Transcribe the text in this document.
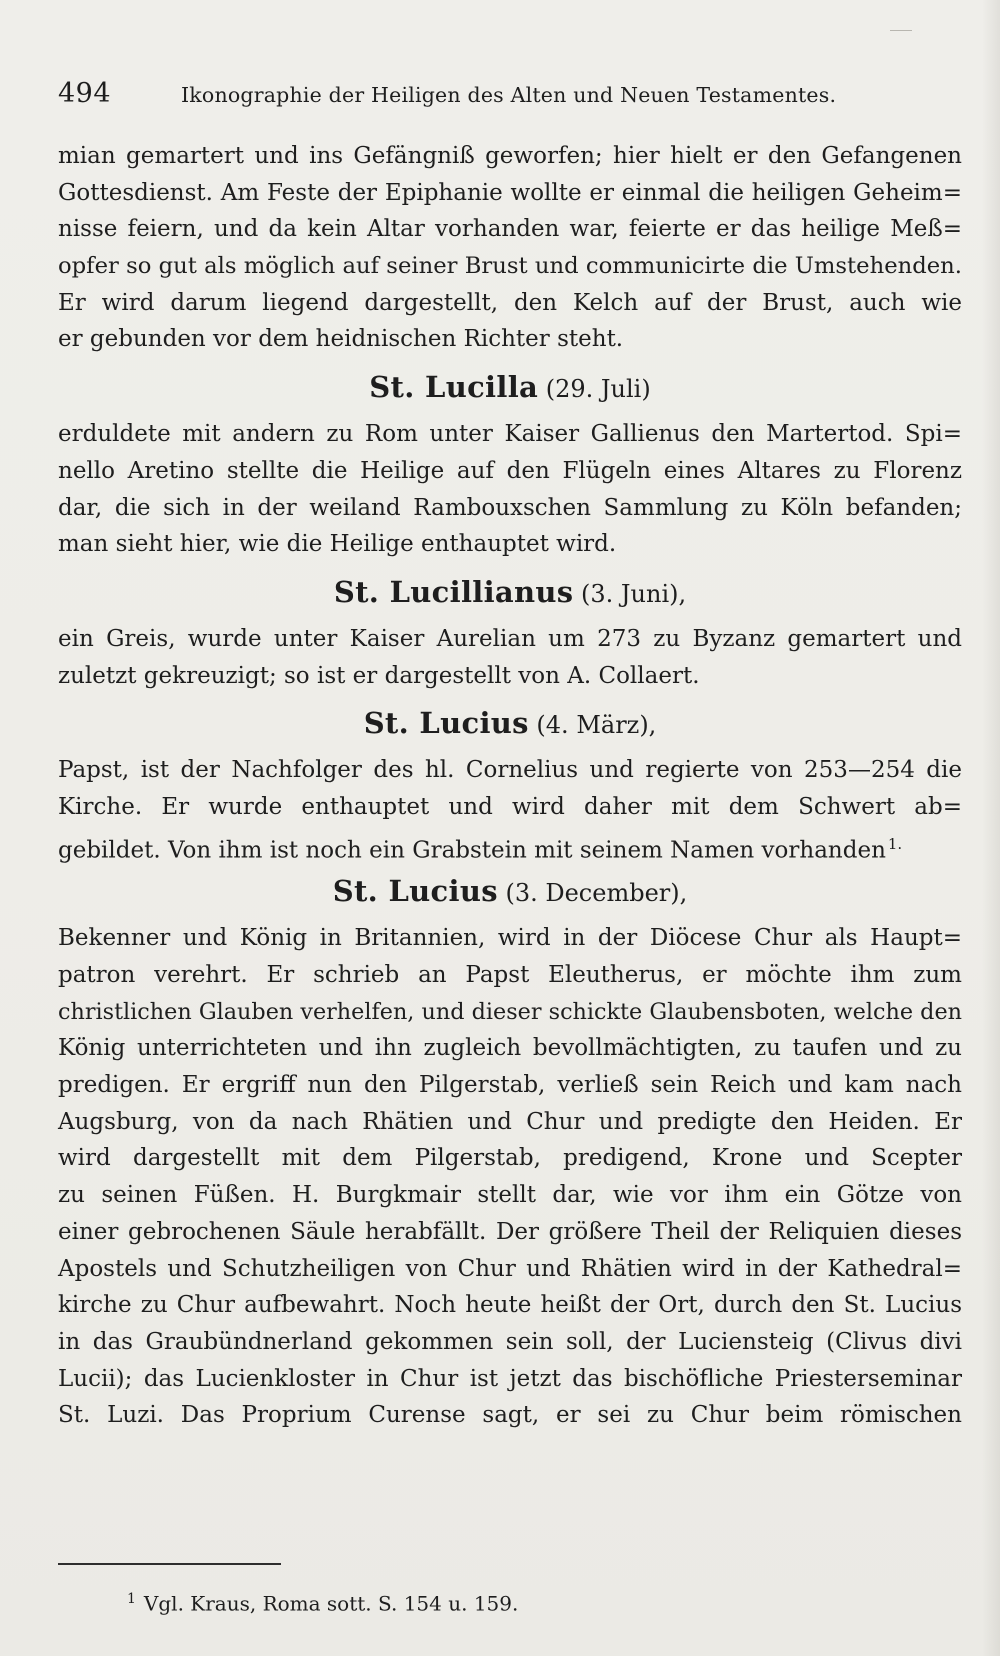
494	Ikonographie der Heiligen des Alten und Neuen Testamentes.
mian gemartert und ins Gefängniß geworfen; hier hielt er den Gefangenen
Gottesdienst. Am Feste der Epiphanie wollte er einmal die heiligen Geheim=
nisse feiern, und da kein Altar vorhanden war, feierte er das heilige Meß=
opfer so gut als möglich auf seiner Brust und communicirte die Umstehenden.
Er wird darum liegend dargestellt, den Kelch auf der Brust, auch wie
er gebunden vor dem heidnischen Richter steht.
St. Lucilla (29. Juli)
erduldete mit andern zu Rom unter Kaiser Gallienus den Martertod. Spi=
nello Aretino stellte die Heilige auf den Flügeln eines Altares zu Florenz
dar, die sich in der weiland Rambouxschen Sammlung zu Köln befanden;
man sieht hier, wie die Heilige enthauptet wird.
St. Lucillianus (3. Juni),
ein Greis, wurde unter Kaiser Aurelian um 273 zu Byzanz gemartert und
zuletzt gekreuzigt; so ist er dargestellt von A. Collaert.
St. Lucius (4. März),
Papst, ist der Nachfolger des hl. Cornelius und regierte von 253—254 die
Kirche. Er wurde enthauptet und wird daher mit dem Schwert ab=
gebildet. Von ihm ist noch ein Grabstein mit seinem Namen vorhanden $^{1.}$
St. Lucius (3. December),
Bekenner und König in Britannien, wird in der Diöcese Chur als Haupt=
patron verehrt. Er schrieb an Papst Eleutherus, er möchte ihm zum
christlichen Glauben verhelfen, und dieser schickte Glaubensboten, welche den
König unterrichteten und ihn zugleich bevollmächtigten, zu taufen und zu
predigen. Er ergriff nun den Pilgerstab, verließ sein Reich und kam nach
Augsburg, von da nach Rhätien und Chur und predigte den Heiden. Er
wird dargestellt mit dem Pilgerstab, predigend, Krone und Scepter
zu seinen Füßen. H. Burgkmair stellt dar, wie vor ihm ein Götze von
einer gebrochenen Säule herabfällt. Der größere Theil der Reliquien dieses
Apostels und Schutzheiligen von Chur und Rhätien wird in der Kathedral=
kirche zu Chur aufbewahrt. Noch heute heißt der Ort, durch den St. Lucius
in das Graubündnerland gekommen sein soll, der Luciensteig (Clivus divi
Lucii); das Lucienkloster in Chur ist jetzt das bischöfliche Priesterseminar
St. Luzi. Das Proprium Curense sagt, er sei zu Chur beim römischen
$^1$ Vgl. Kraus, Roma sott. S. 154 u. 159.
